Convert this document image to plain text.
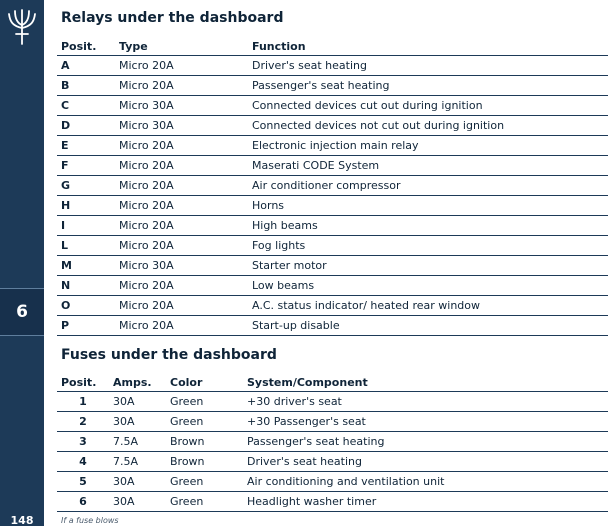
6
148
Relays under the dashboard
Posit.	Type	Function
A	Micro 20A	Driver's seat heating
B	Micro 20A	Passenger's seat heating
C	Micro 30A	Connected devices cut out during ignition
D	Micro 30A	Connected devices not cut out during ignition
E	Micro 20A	Electronic injection main relay
F	Micro 20A	Maserati CODE System
G	Micro 20A	Air conditioner compressor
H	Micro 20A	Horns
I	Micro 20A	High beams
L	Micro 20A	Fog lights
M	Micro 30A	Starter motor
N	Micro 20A	Low beams
O	Micro 20A	A.C. status indicator/ heated rear window
P	Micro 20A	Start-up disable
Fuses under the dashboard
Posit.	Amps.	Color	System/Component
1	30A	Green	+30 driver's seat
2	30A	Green	+30 Passenger's seat
3	7.5A	Brown	Passenger's seat heating
4	7.5A	Brown	Driver's seat heating
5	30A	Green	Air conditioning and ventilation unit
6	30A	Green	Headlight washer timer
If a fuse blows
